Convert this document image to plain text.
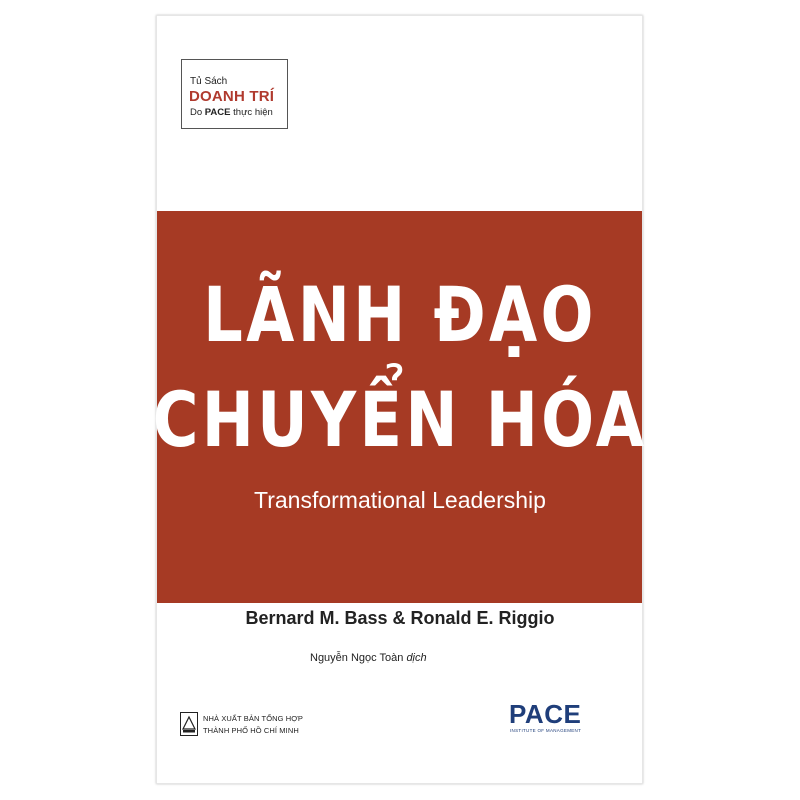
Tủ Sách
DOANH TRÍ
Do PACE thực hiện
LÃNH ĐẠO
CHUYỂN HÓA
Transformational Leadership
Bernard M. Bass & Ronald E. Riggio
Nguyễn Ngọc Toàn dịch
NHÀ XUẤT BẢN TỔNG HỢP
THÀNH PHỐ HỒ CHÍ MINH
PACE
INSTITUTE OF MANAGEMENT
